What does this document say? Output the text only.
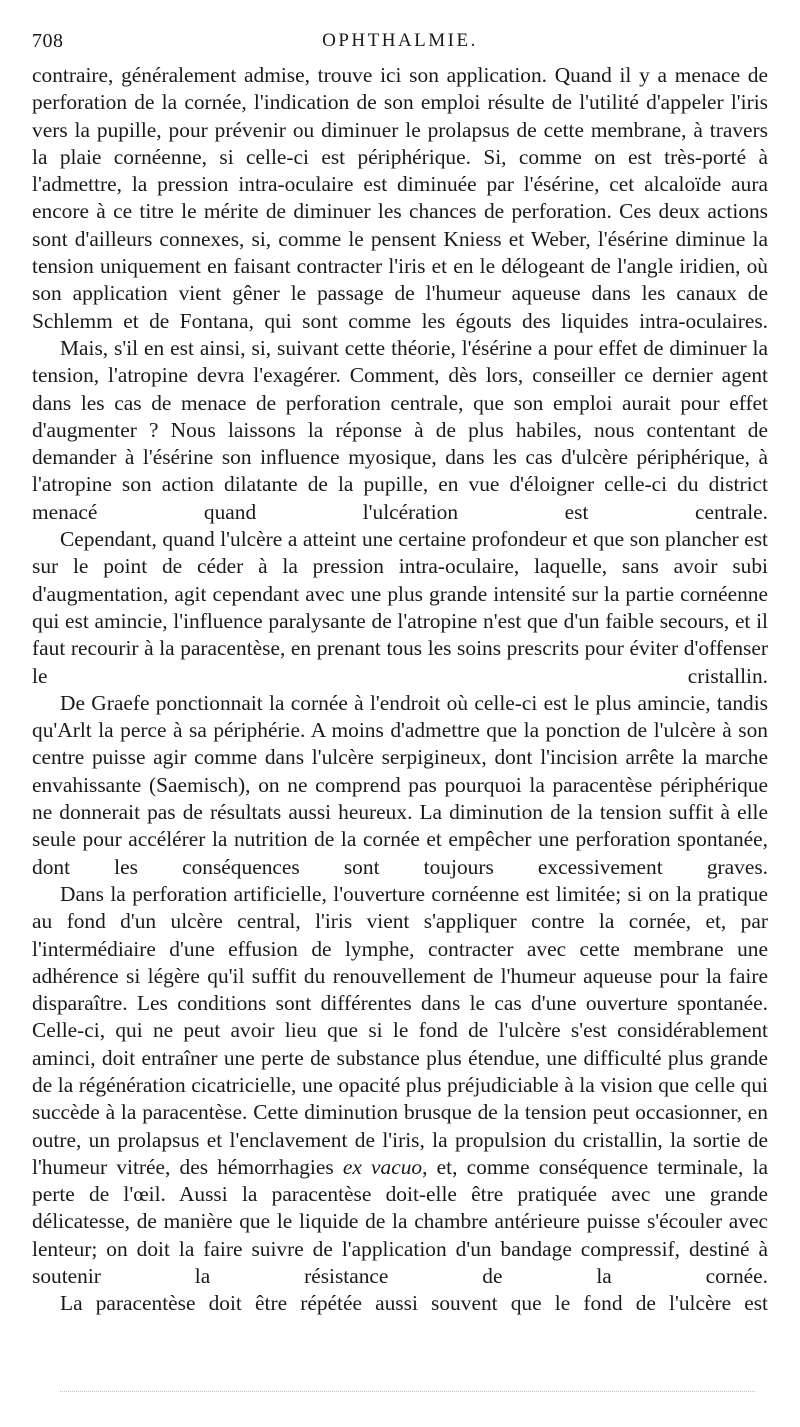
708	OPHTHALMIE.

contraire, généralement admise, trouve ici son application. Quand il y a menace de perforation de la cornée, l'indication de son emploi résulte de l'utilité d'appeler l'iris vers la pupille, pour prévenir ou diminuer le prolapsus de cette membrane, à travers la plaie cornéenne, si celle-ci est périphérique. Si, comme on est très-porté à l'admettre, la pression intra-oculaire est diminuée par l'ésérine, cet alcaloïde aura encore à ce titre le mérite de diminuer les chances de perforation. Ces deux actions sont d'ailleurs connexes, si, comme le pensent Kniess et Weber, l'ésérine diminue la tension uniquement en faisant contracter l'iris et en le délogeant de l'angle iridien, où son application vient gêner le passage de l'humeur aqueuse dans les canaux de Schlemm et de Fontana, qui sont comme les égouts des liquides intra-oculaires.

Mais, s'il en est ainsi, si, suivant cette théorie, l'ésérine a pour effet de diminuer la tension, l'atropine devra l'exagérer. Comment, dès lors, conseiller ce dernier agent dans les cas de menace de perforation centrale, que son emploi aurait pour effet d'augmenter ? Nous laissons la réponse à de plus habiles, nous contentant de demander à l'ésérine son influence myosique, dans les cas d'ulcère périphérique, à l'atropine son action dilatante de la pupille, en vue d'éloigner celle-ci du district menacé quand l'ulcération est centrale.

Cependant, quand l'ulcère a atteint une certaine profondeur et que son plancher est sur le point de céder à la pression intra-oculaire, laquelle, sans avoir subi d'augmentation, agit cependant avec une plus grande intensité sur la partie cornéenne qui est amincie, l'influence paralysante de l'atropine n'est que d'un faible secours, et il faut recourir à la paracentèse, en prenant tous les soins prescrits pour éviter d'offenser le cristallin.

De Graefe ponctionnait la cornée à l'endroit où celle-ci est le plus amincie, tandis qu'Arlt la perce à sa périphérie. A moins d'admettre que la ponction de l'ulcère à son centre puisse agir comme dans l'ulcère serpigineux, dont l'incision arrête la marche envahissante (Saemisch), on ne comprend pas pourquoi la paracentèse périphérique ne donnerait pas de résultats aussi heureux. La diminution de la tension suffit à elle seule pour accélérer la nutrition de la cornée et empêcher une perforation spontanée, dont les conséquences sont toujours excessivement graves.

Dans la perforation artificielle, l'ouverture cornéenne est limitée; si on la pratique au fond d'un ulcère central, l'iris vient s'appliquer contre la cornée, et, par l'intermédiaire d'une effusion de lymphe, contracter avec cette membrane une adhérence si légère qu'il suffit du renouvellement de l'humeur aqueuse pour la faire disparaître. Les conditions sont différentes dans le cas d'une ouverture spontanée. Celle-ci, qui ne peut avoir lieu que si le fond de l'ulcère s'est considérablement aminci, doit entraîner une perte de substance plus étendue, une difficulté plus grande de la régénération cicatricielle, une opacité plus préjudiciable à la vision que celle qui succède à la paracentèse. Cette diminution brusque de la tension peut occasionner, en outre, un prolapsus et l'enclavement de l'iris, la propulsion du cristallin, la sortie de l'humeur vitrée, des hémorrhagies ex vacuo, et, comme conséquence terminale, la perte de l'œil. Aussi la paracentèse doit-elle être pratiquée avec une grande délicatesse, de manière que le liquide de la chambre antérieure puisse s'écouler avec lenteur; on doit la faire suivre de l'application d'un bandage compressif, destiné à soutenir la résistance de la cornée.

La paracentèse doit être répétée aussi souvent que le fond de l'ulcère est
